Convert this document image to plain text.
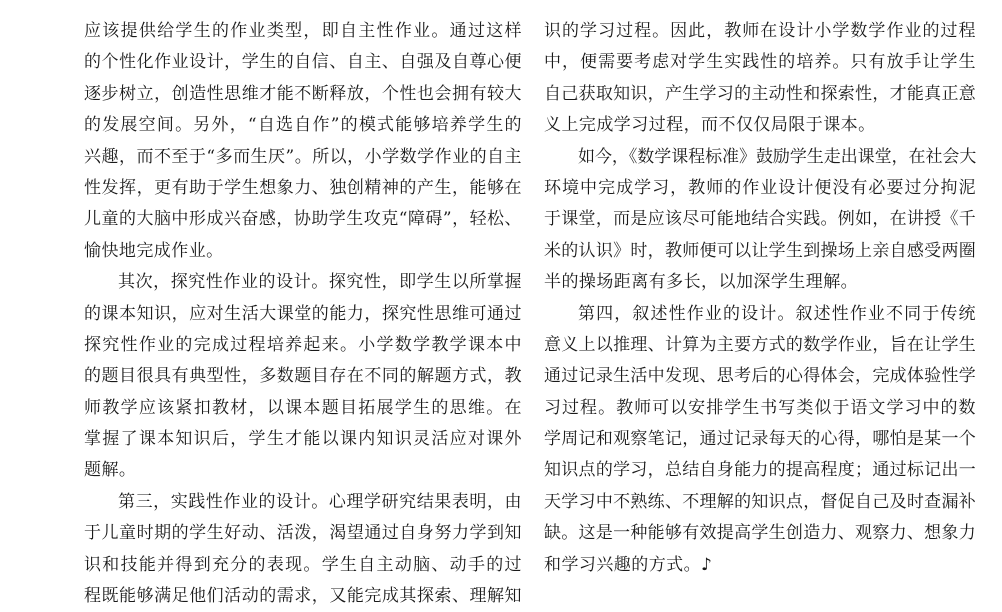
应该提供给学生的作业类型，即自主性作业。通过这样
的个性化作业设计，学生的自信、自主、自强及自尊心便
逐步树立，创造性思维才能不断释放，个性也会拥有较大
的发展空间。另外，“自选自作”的模式能够培养学生的
兴趣，而不至于“多而生厌”。所以，小学数学作业的自主
性发挥，更有助于学生想象力、独创精神的产生，能够在
儿童的大脑中形成兴奋感，协助学生攻克“障碍”，轻松、
愉快地完成作业。
其次，探究性作业的设计。探究性，即学生以所掌握
的课本知识，应对生活大课堂的能力，探究性思维可通过
探究性作业的完成过程培养起来。小学数学教学课本中
的题目很具有典型性，多数题目存在不同的解题方式，教
师教学应该紧扣教材，以课本题目拓展学生的思维。在
掌握了课本知识后，学生才能以课内知识灵活应对课外
题解。
第三，实践性作业的设计。心理学研究结果表明，由
于儿童时期的学生好动、活泼，渴望通过自身努力学到知
识和技能并得到充分的表现。学生自主动脑、动手的过
程既能够满足他们活动的需求，又能完成其探索、理解知
识的学习过程。因此，教师在设计小学数学作业的过程
中，便需要考虑对学生实践性的培养。只有放手让学生
自己获取知识，产生学习的主动性和探索性，才能真正意
义上完成学习过程，而不仅仅局限于课本。
如今，《数学课程标准》鼓励学生走出课堂，在社会大
环境中完成学习，教师的作业设计便没有必要过分拘泥
于课堂，而是应该尽可能地结合实践。例如，在讲授《千
米的认识》时，教师便可以让学生到操场上亲自感受两圈
半的操场距离有多长，以加深学生理解。
第四，叙述性作业的设计。叙述性作业不同于传统
意义上以推理、计算为主要方式的数学作业，旨在让学生
通过记录生活中发现、思考后的心得体会，完成体验性学
习过程。教师可以安排学生书写类似于语文学习中的数
学周记和观察笔记，通过记录每天的心得，哪怕是某一个
知识点的学习，总结自身能力的提高程度；通过标记出一
天学习中不熟练、不理解的知识点，督促自己及时查漏补
缺。这是一种能够有效提高学生创造力、观察力、想象力
和学习兴趣的方式。♪
